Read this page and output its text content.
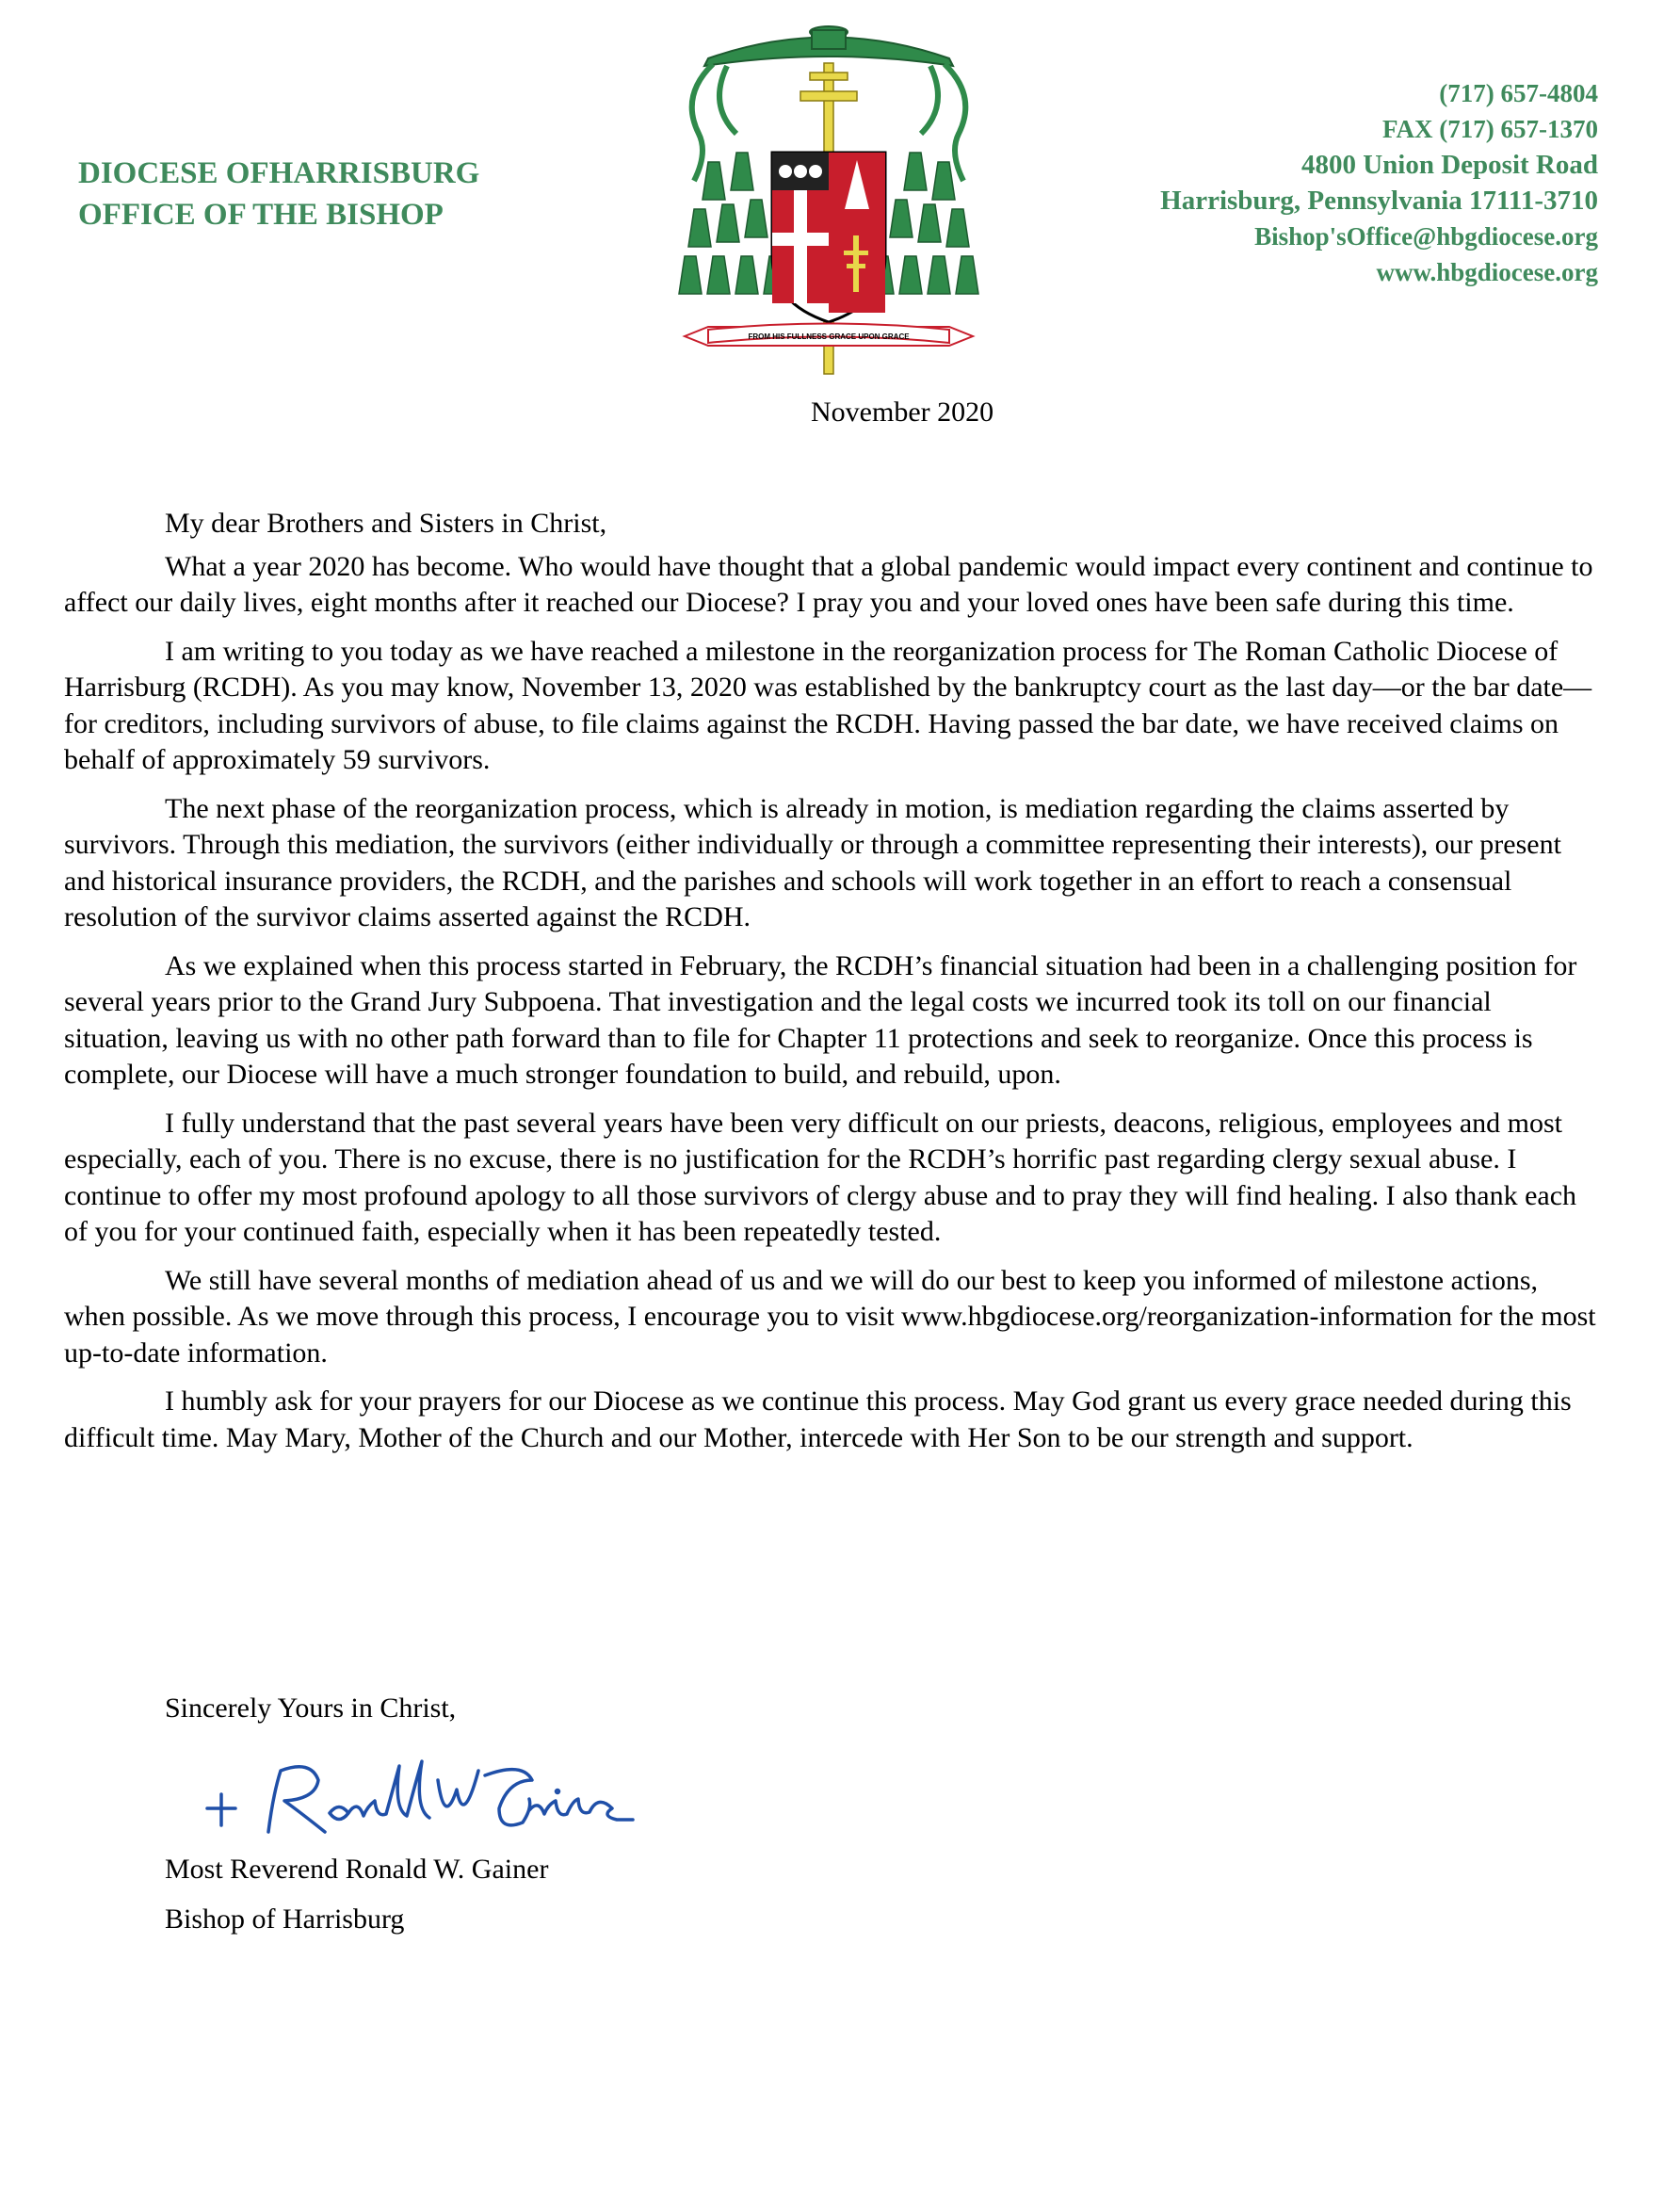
DIOCESE OFHARRISBURG
OFFICE OF THE BISHOP
FROM HIS FULLNESS GRACE UPON GRACE
(717) 657-4804
FAX (717) 657-1370
4800 Union Deposit Road
Harrisburg, Pennsylvania 17111-3710
Bishop'sOffice@hbgdiocese.org
www.hbgdiocese.org
November 2020

My dear Brothers and Sisters in Christ,

What a year 2020 has become. Who would have thought that a global pandemic would impact every continent and continue to affect our daily lives, eight months after it reached our Diocese? I pray you and your loved ones have been safe during this time.

I am writing to you today as we have reached a milestone in the reorganization process for The Roman Catholic Diocese of Harrisburg (RCDH). As you may know, November 13, 2020 was established by the bankruptcy court as the last day—or the bar date—for creditors, including survivors of abuse, to file claims against the RCDH. Having passed the bar date, we have received claims on behalf of approximately 59 survivors.

The next phase of the reorganization process, which is already in motion, is mediation regarding the claims asserted by survivors. Through this mediation, the survivors (either individually or through a committee representing their interests), our present and historical insurance providers, the RCDH, and the parishes and schools will work together in an effort to reach a consensual resolution of the survivor claims asserted against the RCDH.

As we explained when this process started in February, the RCDH’s financial situation had been in a challenging position for several years prior to the Grand Jury Subpoena. That investigation and the legal costs we incurred took its toll on our financial situation, leaving us with no other path forward than to file for Chapter 11 protections and seek to reorganize. Once this process is complete, our Diocese will have a much stronger foundation to build, and rebuild, upon.

I fully understand that the past several years have been very difficult on our priests, deacons, religious, employees and most especially, each of you. There is no excuse, there is no justification for the RCDH’s horrific past regarding clergy sexual abuse. I continue to offer my most profound apology to all those survivors of clergy abuse and to pray they will find healing. I also thank each of you for your continued faith, especially when it has been repeatedly tested.

We still have several months of mediation ahead of us and we will do our best to keep you informed of milestone actions, when possible. As we move through this process, I encourage you to visit www.hbgdiocese.org/reorganization-information for the most up-to-date information.

I humbly ask for your prayers for our Diocese as we continue this process. May God grant us every grace needed during this difficult time. May Mary, Mother of the Church and our Mother, intercede with Her Son to be our strength and support.

Sincerely Yours in Christ,
Most Reverend Ronald W. Gainer
Bishop of Harrisburg
